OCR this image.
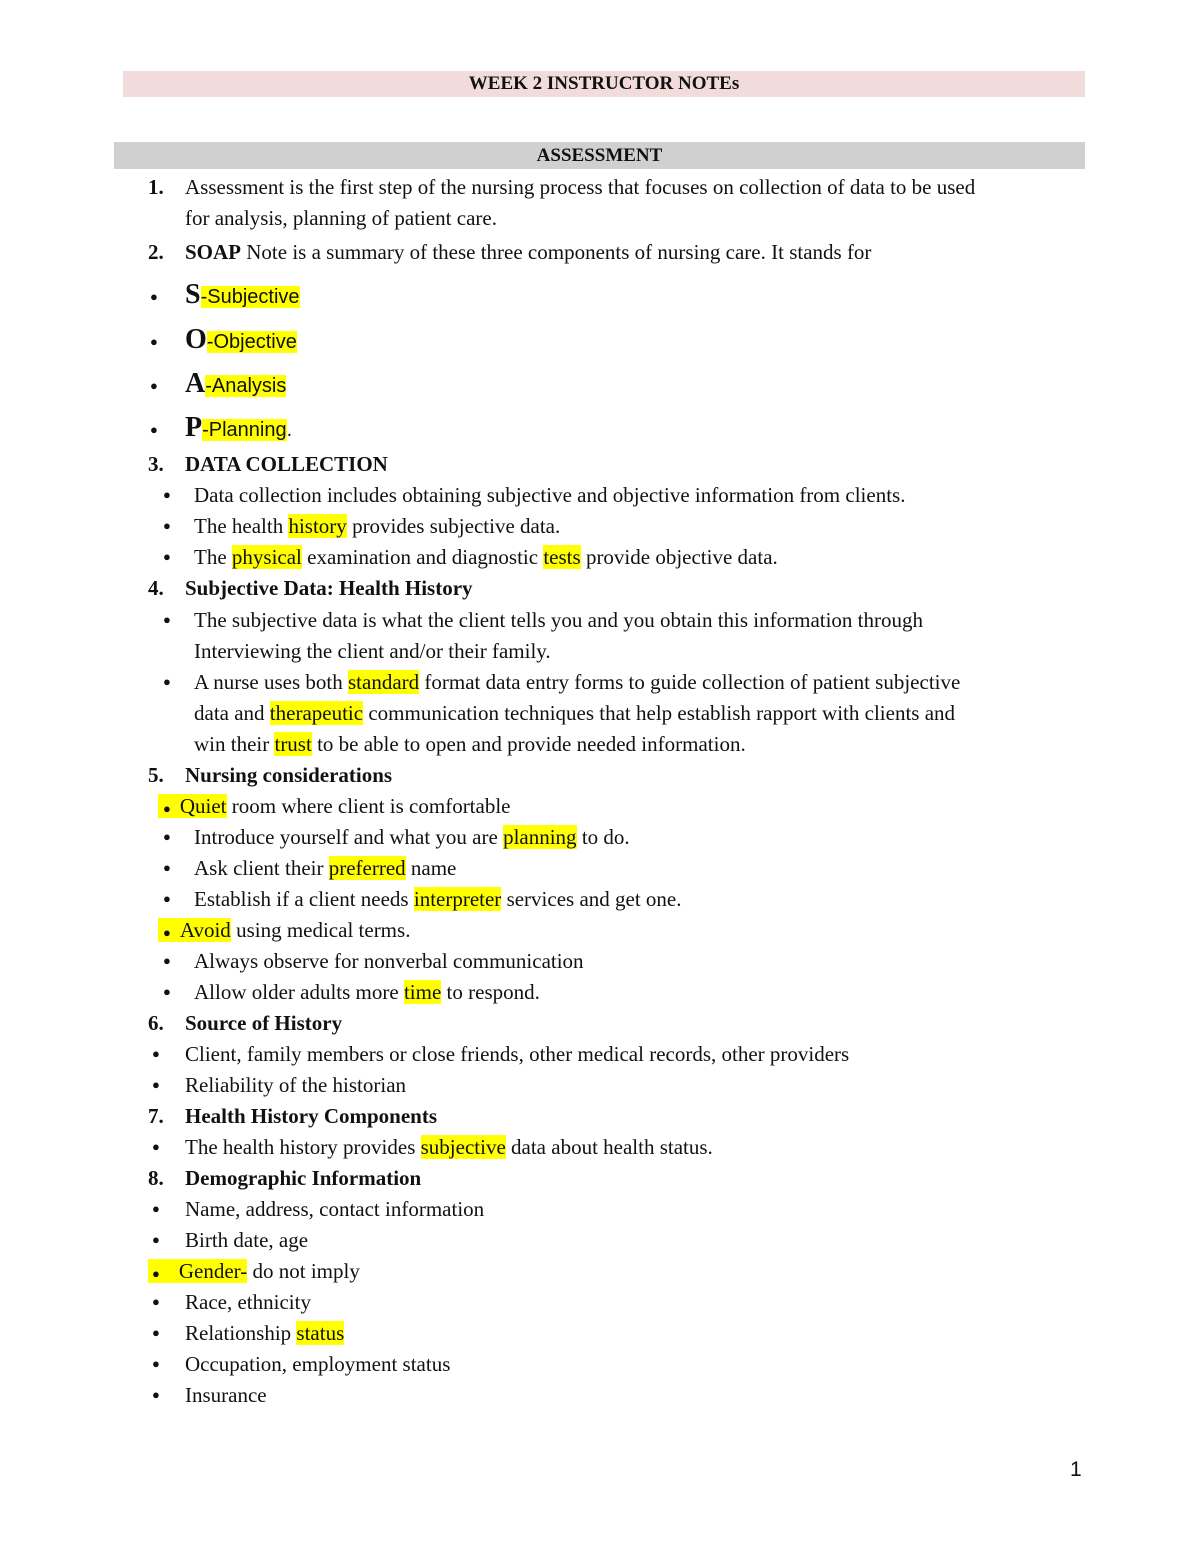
WEEK 2 INSTRUCTOR NOTEs
ASSESSMENT
1. Assessment is the first step of the nursing process that focuses on collection of data to be used
for analysis, planning of patient care.
2. SOAP Note is a summary of these three components of nursing care. It stands for
● S-Subjective
● O-Objective
● A-Analysis
● P-Planning.
3. DATA COLLECTION
● Data collection includes obtaining subjective and objective information from clients.
● The health history provides subjective data.
● The physical examination and diagnostic tests provide objective data.
4. Subjective Data: Health History
● The subjective data is what the client tells you and you obtain this information through
Interviewing the client and/or their family.
● A nurse uses both standard format data entry forms to guide collection of patient subjective
data and therapeutic communication techniques that help establish rapport with clients and
win their trust to be able to open and provide needed information.
5. Nursing considerations
● Quiet room where client is comfortable
● Introduce yourself and what you are planning to do.
● Ask client their preferred name
● Establish if a client needs interpreter services and get one.
● Avoid using medical terms.
● Always observe for nonverbal communication
● Allow older adults more time to respond.
6. Source of History
● Client, family members or close friends, other medical records, other providers
● Reliability of the historian
7. Health History Components
● The health history provides subjective data about health status.
8. Demographic Information
● Name, address, contact information
● Birth date, age
● Gender- do not imply
● Race, ethnicity
● Relationship status
● Occupation, employment status
● Insurance
1
